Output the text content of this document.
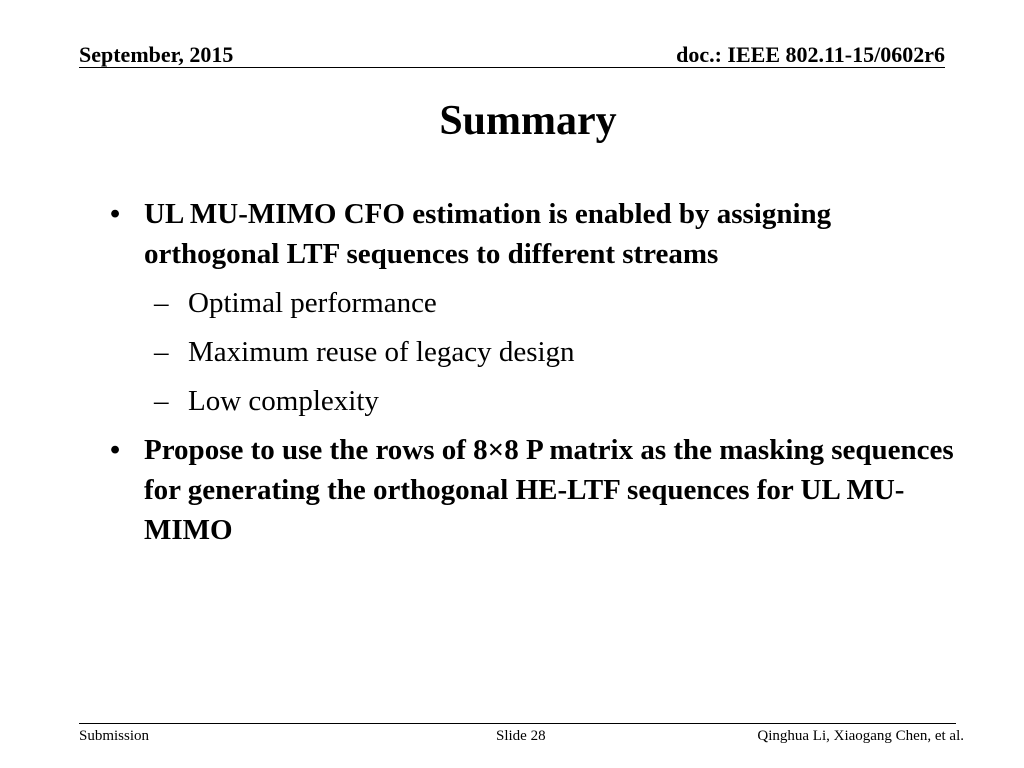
September, 2015	doc.: IEEE 802.11-15/0602r6
Summary
• UL MU-MIMO CFO estimation is enabled by assigning orthogonal LTF sequences to different streams
– Optimal performance
– Maximum reuse of legacy design
– Low complexity
• Propose to use the rows of 8×8 P matrix as the masking sequences for generating the orthogonal HE-LTF sequences for UL MU-MIMO
Submission	Slide 28	Qinghua Li, Xiaogang Chen, et al.
